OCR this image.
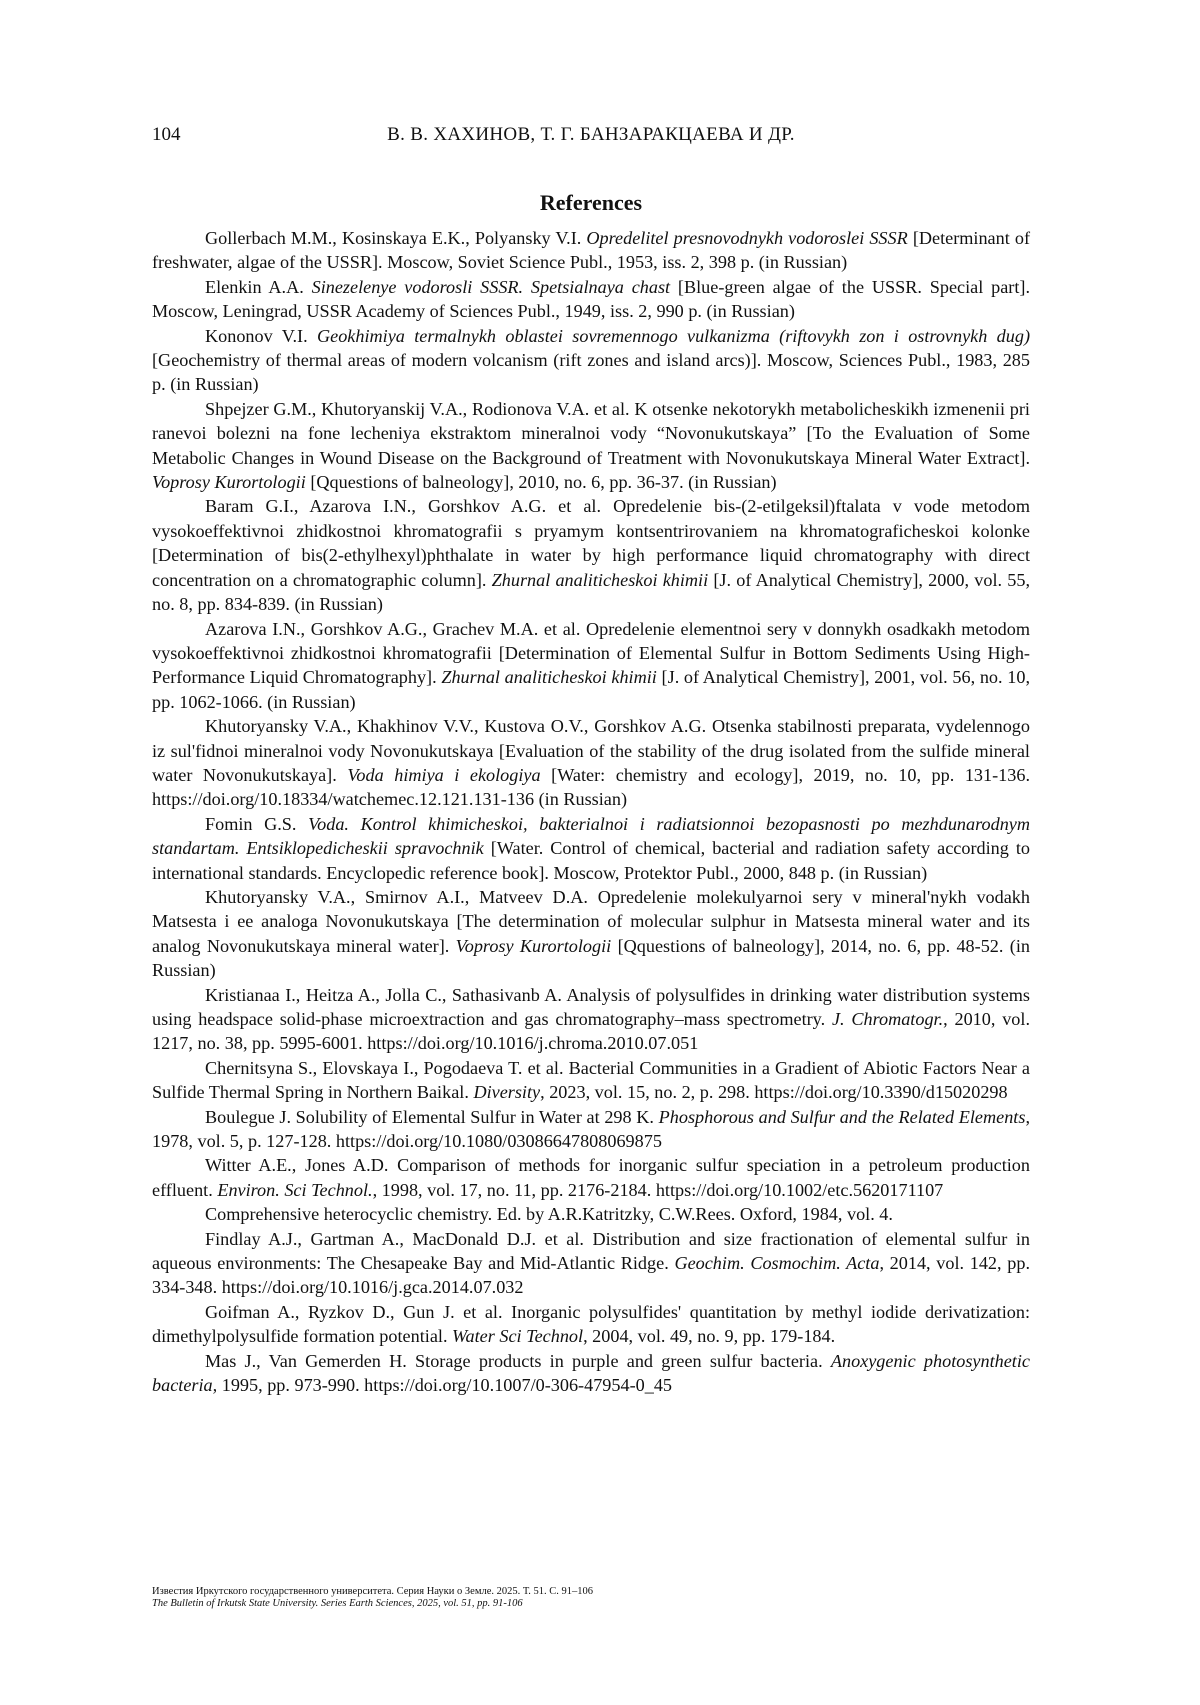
104	В. В. ХАХИНОВ, Т. Г. БАНЗАРАКЦАЕВА И ДР.
References

Gollerbach M.M., Kosinskaya E.K., Polyansky V.I. Opredelitel presnovodnykh vodoroslei SSSR [Determinant of freshwater, algae of the USSR]. Moscow, Soviet Science Publ., 1953, iss. 2, 398 p. (in Russian)

Elenkin A.A. Sinezelenye vodorosli SSSR. Spetsialnaya chast [Blue-green algae of the USSR. Special part]. Moscow, Leningrad, USSR Academy of Sciences Publ., 1949, iss. 2, 990 p. (in Russian)

Kononov V.I. Geokhimiya termalnykh oblastei sovremennogo vulkanizma (riftovykh zon i ostrovnykh dug) [Geochemistry of thermal areas of modern volcanism (rift zones and island arcs)]. Moscow, Sciences Publ., 1983, 285 p. (in Russian)

Shpejzer G.M., Khutoryanskij V.A., Rodionova V.A. et al. K otsenke nekotorykh metabolicheskikh izmenenii pri ranevoi bolezni na fone lecheniya ekstraktom mineralnoi vody “Novonukutskaya” [To the Evaluation of Some Metabolic Changes in Wound Disease on the Background of Treatment with Novonukutskaya Mineral Water Extract]. Voprosy Kurortologii [Qquestions of balneology], 2010, no. 6, pp. 36-37. (in Russian)

Baram G.I., Azarova I.N., Gorshkov A.G. et al. Opredelenie bis-(2-etilgeksil)ftalata v vode metodom vysokoeffektivnoi zhidkostnoi khromatografii s pryamym kontsentrirovaniem na khromatograficheskoi kolonke [Determination of bis(2-ethylhexyl)phthalate in water by high performance liquid chromatography with direct concentration on a chromatographic column]. Zhurnal analiticheskoi khimii [J. of Analytical Chemistry], 2000, vol. 55, no. 8, pp. 834-839. (in Russian)

Azarova I.N., Gorshkov A.G., Grachev M.A. et al. Opredelenie elementnoi sery v donnykh osadkakh metodom vysokoeffektivnoi zhidkostnoi khromatografii [Determination of Elemental Sulfur in Bottom Sediments Using High-Performance Liquid Chromatography]. Zhurnal analiticheskoi khimii [J. of Analytical Chemistry], 2001, vol. 56, no. 10, pp. 1062-1066. (in Russian)

Khutoryansky V.A., Khakhinov V.V., Kustova O.V., Gorshkov A.G. Otsenka stabilnosti preparata, vydelennogo iz sul'fidnoi mineralnoi vody Novonukutskaya [Evaluation of the stability of the drug isolated from the sulfide mineral water Novonukutskaya]. Voda himiya i ekologiya [Water: chemistry and ecology], 2019, no. 10, pp. 131-136. https://doi.org/10.18334/watchemec.12.121.131-136 (in Russian)

Fomin G.S. Voda. Kontrol khimicheskoi, bakterialnoi i radiatsionnoi bezopasnosti po mezhdunarodnym standartam. Entsiklopedicheskii spravochnik [Water. Control of chemical, bacterial and radiation safety according to international standards. Encyclopedic reference book]. Moscow, Protektor Publ., 2000, 848 p. (in Russian)

Khutoryansky V.A., Smirnov A.I., Matveev D.A. Opredelenie molekulyarnoi sery v mineral'nykh vodakh Matsesta i ee analoga Novonukutskaya [The determination of molecular sulphur in Matsesta mineral water and its analog Novonukutskaya mineral water]. Voprosy Kurortologii [Qquestions of balneology], 2014, no. 6, pp. 48-52. (in Russian)

Kristianaa I., Heitza A., Jolla C., Sathasivanb A. Analysis of polysulfides in drinking water distribution systems using headspace solid-phase microextraction and gas chromatography–mass spectrometry. J. Chromatogr., 2010, vol. 1217, no. 38, pp. 5995-6001. https://doi.org/10.1016/j.chroma.2010.07.051

Chernitsyna S., Elovskaya I., Pogodaeva T. et al. Bacterial Communities in a Gradient of Abiotic Factors Near a Sulfide Thermal Spring in Northern Baikal. Diversity, 2023, vol. 15, no. 2, p. 298. https://doi.org/10.3390/d15020298

Boulegue J. Solubility of Elemental Sulfur in Water at 298 K. Phosphorous and Sulfur and the Related Elements, 1978, vol. 5, p. 127-128. https://doi.org/10.1080/03086647808069875

Witter A.E., Jones A.D. Comparison of methods for inorganic sulfur speciation in a petroleum production effluent. Environ. Sci Technol., 1998, vol. 17, no. 11, pp. 2176-2184. https://doi.org/10.1002/etc.5620171107

Comprehensive heterocyclic chemistry. Ed. by A.R.Katritzky, C.W.Rees. Oxford, 1984, vol. 4.

Findlay A.J., Gartman A., MacDonald D.J. et al. Distribution and size fractionation of elemental sulfur in aqueous environments: The Chesapeake Bay and Mid-Atlantic Ridge. Geochim. Cosmochim. Acta, 2014, vol. 142, pp. 334-348. https://doi.org/10.1016/j.gca.2014.07.032

Goifman A., Ryzkov D., Gun J. et al. Inorganic polysulfides' quantitation by methyl iodide derivatization: dimethylpolysulfide formation potential. Water Sci Technol, 2004, vol. 49, no. 9, pp. 179-184.

Mas J., Van Gemerden H. Storage products in purple and green sulfur bacteria. Anoxygenic photosynthetic bacteria, 1995, pp. 973-990. https://doi.org/10.1007/0-306-47954-0_45

Известия Иркутского государственного университета. Серия Науки о Земле. 2025. Т. 51. С. 91–106
The Bulletin of Irkutsk State University. Series Earth Sciences, 2025, vol. 51, pp. 91-106
